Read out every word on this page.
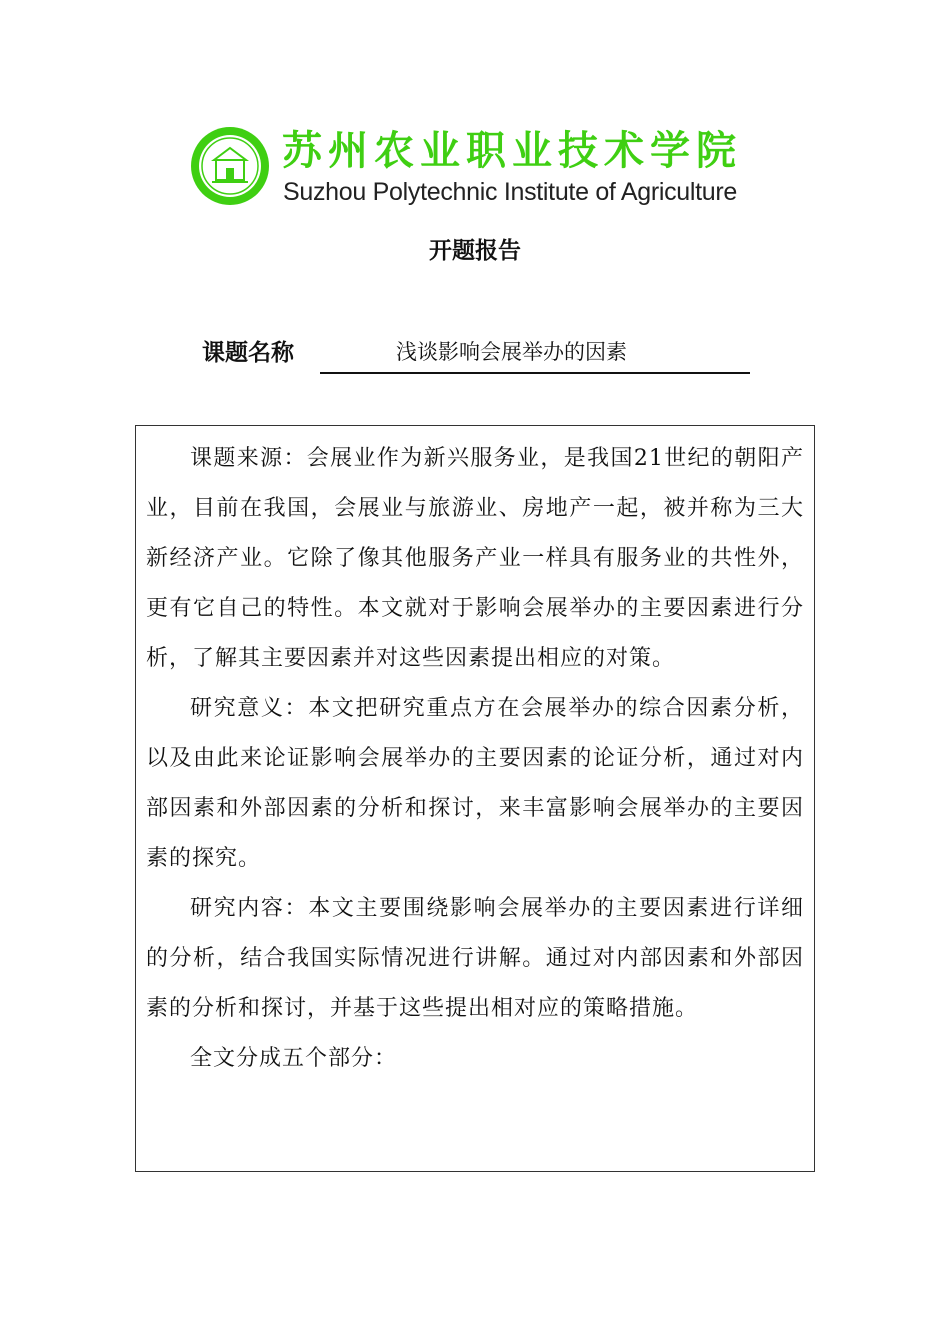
苏州农业职业技术学院
Suzhou Polytechnic Institute of Agriculture
开题报告
课题名称	浅谈影响会展举办的因素

课题来源：会展业作为新兴服务业，是我国21世纪的朝阳产业，目前在我国，会展业与旅游业、房地产一起，被并称为三大新经济产业。它除了像其他服务产业一样具有服务业的共性外，更有它自己的特性。本文就对于影响会展举办的主要因素进行分析，了解其主要因素并对这些因素提出相应的对策。

研究意义：本文把研究重点方在会展举办的综合因素分析，以及由此来论证影响会展举办的主要因素的论证分析，通过对内部因素和外部因素的分析和探讨，来丰富影响会展举办的主要因素的探究。

研究内容：本文主要围绕影响会展举办的主要因素进行详细的分析，结合我国实际情况进行讲解。通过对内部因素和外部因素的分析和探讨，并基于这些提出相对应的策略措施。

全文分成五个部分：
